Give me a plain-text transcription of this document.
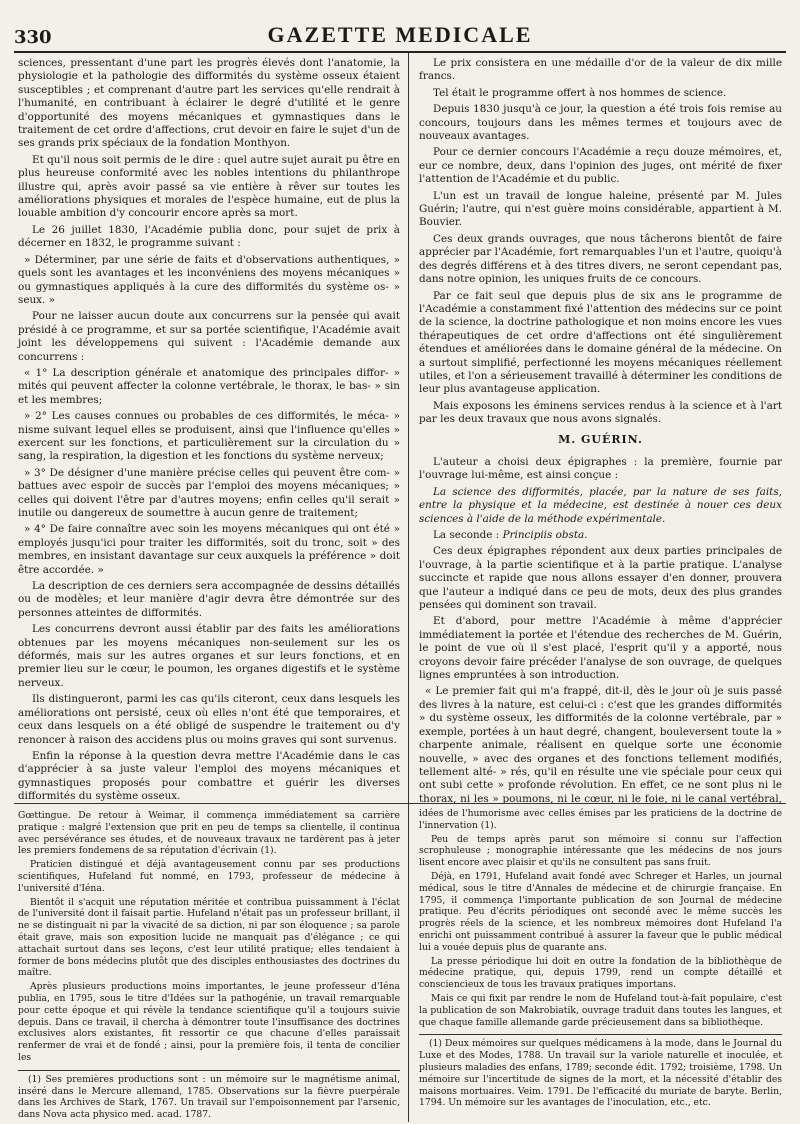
330	GAZETTE MEDICALE

sciences, pressentant d'une part les progrès élevés dont l'anatomie, la physiologie et la pathologie des difformités du système osseux étaient susceptibles ; et comprenant d'autre part les services qu'elle rendrait à l'humanité, en contribuant à éclairer le degré d'utilité et le genre d'opportunité des moyens mécaniques et gymnastiques dans le traitement de cet ordre d'affections, crut devoir en faire le sujet d'un de ses grands prix spéciaux de la fondation Monthyon.

Et qu'il nous soit permis de le dire : quel autre sujet aurait pu être en plus heureuse conformité avec les nobles intentions du philanthrope illustre qui, après avoir passé sa vie entière à rêver sur toutes les améliorations physiques et morales de l'espèce humaine, eut de plus la louable ambition d'y concourir encore après sa mort.

Le 26 juillet 1830, l'Académie publia donc, pour sujet de prix à décerner en 1832, le programme suivant :

» Déterminer, par une série de faits et d'observations authentiques, » quels sont les avantages et les inconvéniens des moyens mécaniques » ou gymnastiques appliqués à la cure des difformités du système os- » seux. »

Pour ne laisser aucun doute aux concurrens sur la pensée qui avait présidé à ce programme, et sur sa portée scientifique, l'Académie avait joint les développemens qui suivent : l'Académie demande aux concurrens :

« 1° La description générale et anatomique des principales diffor- » mités qui peuvent affecter la colonne vertébrale, le thorax, le bas- » sin et les membres;

» 2° Les causes connues ou probables de ces difformités, le méca- » nisme suivant lequel elles se produisent, ainsi que l'influence qu'elles » exercent sur les fonctions, et particulièrement sur la circulation du » sang, la respiration, la digestion et les fonctions du système nerveux;

» 3° De désigner d'une manière précise celles qui peuvent être com- » battues avec espoir de succès par l'emploi des moyens mécaniques; » celles qui doivent l'être par d'autres moyens; enfin celles qu'il serait » inutile ou dangereux de soumettre à aucun genre de traitement;

» 4° De faire connaître avec soin les moyens mécaniques qui ont été » employés jusqu'ici pour traiter les difformités, soit du tronc, soit » des membres, en insistant davantage sur ceux auxquels la préférence » doit être accordée. »

La description de ces derniers sera accompagnée de dessins détaillés ou de modèles; et leur manière d'agir devra être démontrée sur des personnes atteintes de difformités.

Les concurrens devront aussi établir par des faits les améliorations obtenues par les moyens mécaniques non-seulement sur les os déformés, mais sur les autres organes et sur leurs fonctions, et en premier lieu sur le cœur, le poumon, les organes digestifs et le système nerveux.

Ils distingueront, parmi les cas qu'ils citeront, ceux dans lesquels les améliorations ont persisté, ceux où elles n'ont été que temporaires, et ceux dans lesquels on a été obligé de suspendre le traitement ou d'y renoncer à raison des accidens plus ou moins graves qui sont survenus.

Enfin la réponse à la question devra mettre l'Académie dans le cas d'apprécier à sa juste valeur l'emploi des moyens mécaniques et gymnastiques proposés pour combattre et guérir les diverses difformités du système osseux.

Le prix consistera en une médaille d'or de la valeur de dix mille francs.

Tel était le programme offert à nos hommes de science.

Depuis 1830 jusqu'à ce jour, la question a été trois fois remise au concours, toujours dans les mêmes termes et toujours avec de nouveaux avantages.

Pour ce dernier concours l'Académie a reçu douze mémoires, et, eur ce nombre, deux, dans l'opinion des juges, ont mérité de fixer l'attention de l'Académie et du public.

L'un est un travail de longue haleine, présenté par M. Jules Guérin; l'autre, qui n'est guère moins considérable, appartient à M. Bouvier.

Ces deux grands ouvrages, que nous tâcherons bientôt de faire apprécier par l'Académie, fort remarquables l'un et l'autre, quoiqu'à des degrés différens et à des titres divers, ne seront cependant pas, dans notre opinion, les uniques fruits de ce concours.

Par ce fait seul que depuis plus de six ans le programme de l'Académie a constamment fixé l'attention des médecins sur ce point de la science, la doctrine pathologique et non moins encore les vues thérapeutiques de cet ordre d'affections ont été singulièrement étendues et améliorées dans le domaine général de la médecine. On a surtout simplifié, perfectionné les moyens mécaniques réellement utiles, et l'on a sérieusement travaillé à déterminer les conditions de leur plus avantageuse application.

Mais exposons les éminens services rendus à la science et à l'art par les deux travaux que nous avons signalés.

M. GUÉRIN.

L'auteur a choisi deux épigraphes : la première, fournie par l'ouvrage lui-même, est ainsi conçue :

La science des difformités, placée, par la nature de ses faits, entre la physique et la médecine, est destinée à nouer ces deux sciences à l'aide de la méthode expérimentale.

La seconde : Principiis obsta.

Ces deux épigraphes répondent aux deux parties principales de l'ouvrage, à la partie scientifique et à la partie pratique. L'analyse succincte et rapide que nous allons essayer d'en donner, prouvera que l'auteur a indiqué dans ce peu de mots, deux des plus grandes pensées qui dominent son travail.

Et d'abord, pour mettre l'Académie à même d'apprécier immédiatement la portée et l'étendue des recherches de M. Guérin, le point de vue où il s'est placé, l'esprit qu'il y a apporté, nous croyons devoir faire précéder l'analyse de son ouvrage, de quelques lignes empruntées à son introduction.

« Le premier fait qui m'a frappé, dit-il, dès le jour où je suis passé des livres à la nature, est celui-ci : c'est que les grandes difformités » du système osseux, les difformités de la colonne vertébrale, par » exemple, portées à un haut degré, changent, bouleversent toute la » charpente animale, réalisent en quelque sorte une économie nouvelle, » avec des organes et des fonctions tellement modifiés, tellement alté- » rés, qu'il en résulte une vie spéciale pour ceux qui ont subi cette » profonde révolution. En effet, ce ne sont plus ni le thorax, ni les » poumons, ni le cœur, ni le foie, ni le canal vertébral,

Gœttingue. De retour à Weimar, il commença immédiatement sa carrière pratique : malgré l'extension que prit en peu de temps sa clientelle, il continua avec persévérance ses études, et de nouveaux travaux ne tardèrent pas à jeter les premiers fondemens de sa réputation d'écrivain (1).

Praticien distingué et déjà avantageusement connu par ses productions scientifiques, Hufeland fut nommé, en 1793, professeur de médecine à l'université d'Iéna.

Bientôt il s'acquit une réputation méritée et contribua puissamment à l'éclat de l'université dont il faisait partie. Hufeland n'était pas un professeur brillant, il ne se distinguait ni par la vivacité de sa diction, ni par son éloquence ; sa parole était grave, mais son exposition lucide ne manquait pas d'élégance ; ce qui attachait surtout dans ses leçons, c'est leur utilité pratique; elles tendaient à former de bons médecins plutôt que des disciples enthousiastes des doctrines du maître.

Après plusieurs productions moins importantes, le jeune professeur d'Iéna publia, en 1795, sous le titre d'Idées sur la pathogénie, un travail remarquable pour cette époque et qui révèle la tendance scientifique qu'il a toujours suivie depuis. Dans ce travail, il chercha à démontrer toute l'insuffisance des doctrines exclusives alors existantes, fit ressortir ce que chacune d'elles paraissait renfermer de vrai et de fondé ; ainsi, pour la première fois, il tenta de concilier les

(1) Ses premières productions sont : un mémoire sur le magnétisme animal, inséré dans le Mercure allemand, 1785. Observations sur la fièvre puerpérale dans les Archives de Stark, 1767. Un travail sur l'empoisonnement par l'arsenic, dans Nova acta physico med. acad. 1787.

idées de l'humorisme avec celles émises par les praticiens de la doctrine de l'innervation (1).

Peu de temps après parut son mémoire si connu sur l'affection scrophuleuse ; monographie intéressante que les médecins de nos jours lisent encore avec plaisir et qu'ils ne consultent pas sans fruit.

Déjà, en 1791, Hufeland avait fondé avec Schreger et Harles, un journal médical, sous le titre d'Annales de médecine et de chirurgie française. En 1795, il commença l'importante publication de son Journal de médecine pratique. Peu d'écrits périodiques ont secondé avec le même succès les progrès réels de la science, et les nombreux mémoires dont Hufeland l'a enrichi ont puissamment contribué à assurer la faveur que le public médical lui a vouée depuis plus de quarante ans.

La presse périodique lui doit en outre la fondation de la bibliothèque de médecine pratique, qui, depuis 1799, rend un compte détaillé et consciencieux de tous les travaux pratiques importans.

Mais ce qui fixit par rendre le nom de Hufeland tout-à-fait populaire, c'est la publication de son Makrobiatik, ouvrage traduit dans toutes les langues, et que chaque famille allemande garde précieusement dans sa bibliothèque.

(1) Deux mémoires sur quelques médicamens à la mode, dans le Journal du Luxe et des Modes, 1788. Un travail sur la variole naturelle et inoculée, et plusieurs maladies des enfans, 1789; seconde édit. 1792; troisième, 1798. Un mémoire sur l'incertitude de signes de la mort, et la nécessité d'établir des maisons mortuaires. Veim. 1791. De l'efficacité du muriate de baryte. Berlin, 1794. Un mémoire sur les avantages de l'inoculation, etc., etc.
